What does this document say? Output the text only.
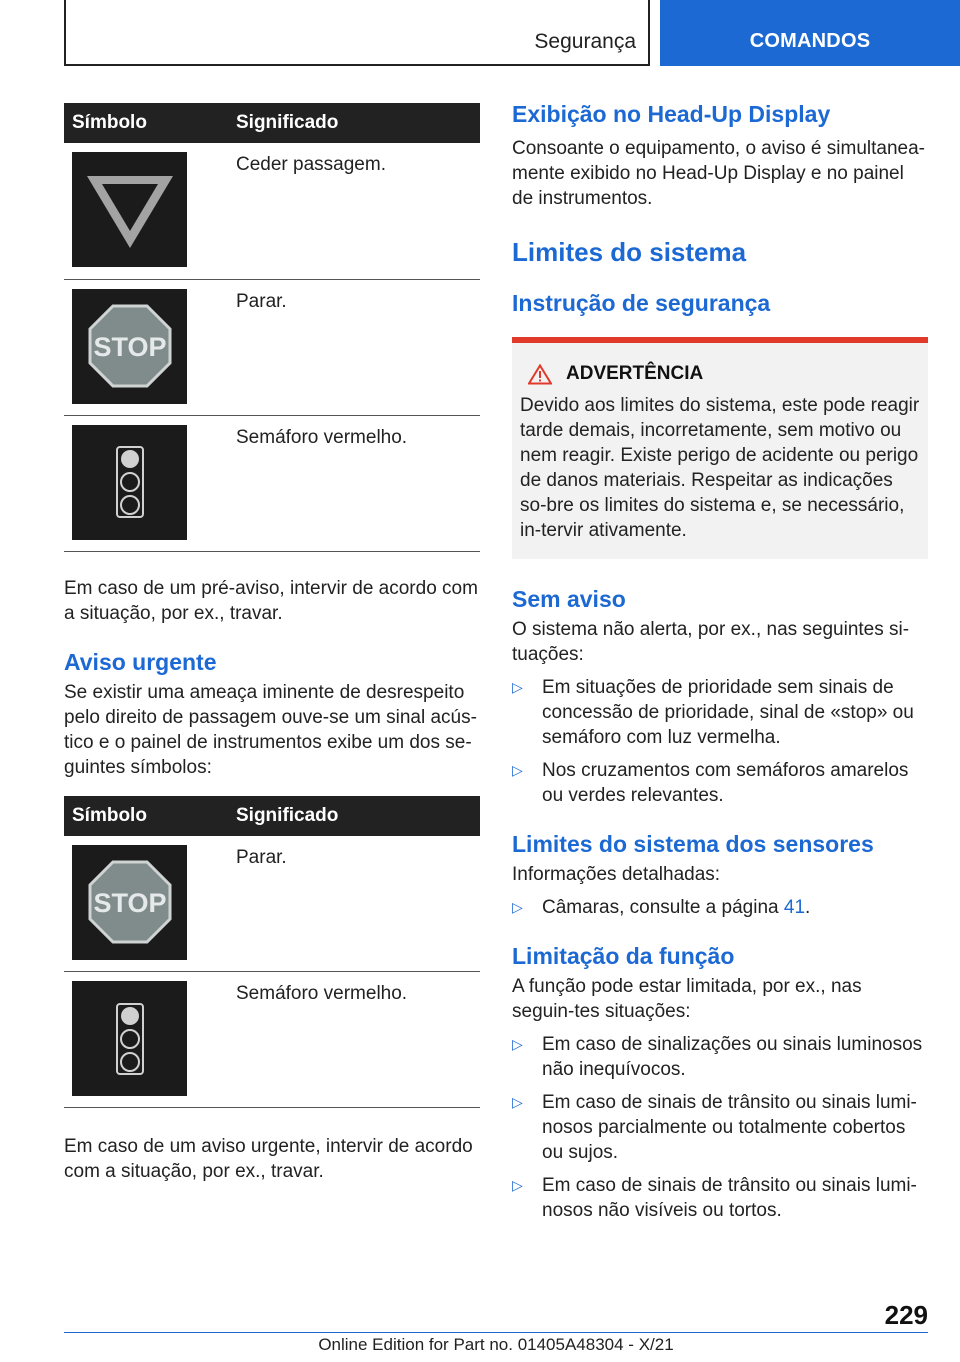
Segurança	COMANDOS
Símbolo	Significado

	Ceder passagem.

STOP	Parar.

	Semáforo vermelho.

Em caso de um pré-aviso, intervir de acordo com a situação, por ex., travar.

Aviso urgente

Se existir uma ameaça iminente de desrespeito pelo direito de passagem ouve-se um sinal acús-tico e o painel de instrumentos exibe um dos se-guintes símbolos:

Símbolo	Significado

STOP	Parar.

	Semáforo vermelho.

Em caso de um aviso urgente, intervir de acordo com a situação, por ex., travar.

Exibição no Head-Up Display

Consoante o equipamento, o aviso é simultanea-mente exibido no Head-Up Display e no painel de instrumentos.

Limites do sistema
Instrução de segurança
ADVERTÊNCIA

Devido aos limites do sistema, este pode reagir tarde demais, incorretamente, sem motivo ou nem reagir. Existe perigo de acidente ou perigo de danos materiais. Respeitar as indicações so-bre os limites do sistema e, se necessário, in-tervir ativamente.

Sem aviso

O sistema não alerta, por ex., nas seguintes si-tuações:

▷ Em situações de prioridade sem sinais de concessão de prioridade, sinal de «stop» ou semáforo com luz vermelha.
▷ Nos cruzamentos com semáforos amarelos ou verdes relevantes.
Limites do sistema dos sensores

Informações detalhadas:

▷ Câmaras, consulte a página 41.
Limitação da função

A função pode estar limitada, por ex., nas seguin-tes situações:

▷ Em caso de sinalizações ou sinais luminosos não inequívocos.
▷ Em caso de sinais de trânsito ou sinais lumi-nosos parcialmente ou totalmente cobertos ou sujos.
▷ Em caso de sinais de trânsito ou sinais lumi-nosos não visíveis ou tortos.
229
Online Edition for Part no. 01405A48304 - X/21
